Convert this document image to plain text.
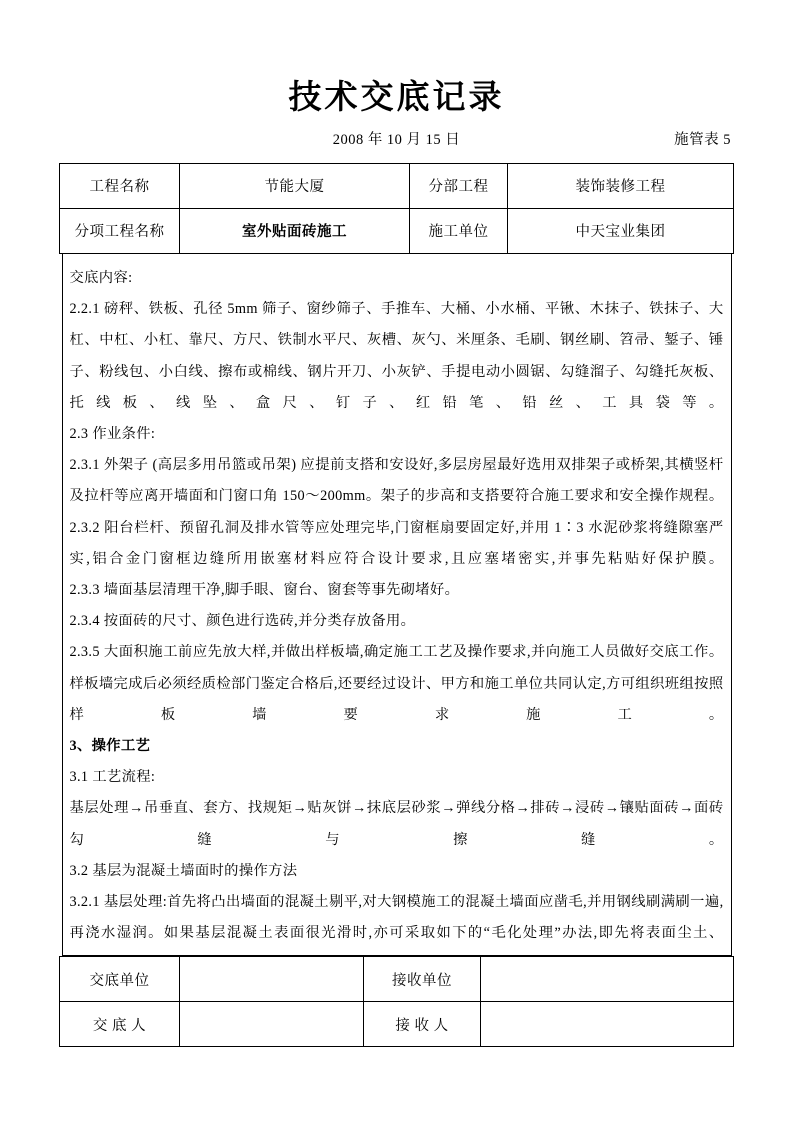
技术交底记录
2008 年 10 月 15 日	施管表 5
工程名称	节能大厦	分部工程	装饰装修工程
分项工程名称	室外贴面砖施工	施工单位	中天宝业集团

交底内容:

2.2.1 磅秤、铁板、孔径 5mm 筛子、窗纱筛子、手推车、大桶、小水桶、平锹、木抹子、铁抹子、大杠、中杠、小杠、靠尺、方尺、铁制水平尺、灰槽、灰勺、米厘条、毛刷、钢丝刷、笤帚、錾子、锤子、粉线包、小白线、擦布或棉线、钢片开刀、小灰铲、手提电动小圆锯、勾缝溜子、勾缝托灰板、托线板、线坠、盒尺、钉子、红铅笔、铅丝、工具袋等。

2.3 作业条件:

2.3.1 外架子 (高层多用吊篮或吊架) 应提前支搭和安设好,多层房屋最好选用双排架子或桥架,其横竖杆及拉杆等应离开墙面和门窗口角 150～200mm。架子的步高和支搭要符合施工要求和安全操作规程。

2.3.2 阳台栏杆、预留孔洞及排水管等应处理完毕,门窗框扇要固定好,并用 1∶3 水泥砂浆将缝隙塞严实,铝合金门窗框边缝所用嵌塞材料应符合设计要求,且应塞堵密实,并事先粘贴好保护膜。

2.3.3 墙面基层清理干净,脚手眼、窗台、窗套等事先砌堵好。

2.3.4 按面砖的尺寸、颜色进行选砖,并分类存放备用。

2.3.5 大面积施工前应先放大样,并做出样板墙,确定施工工艺及操作要求,并向施工人员做好交底工作。样板墙完成后必须经质检部门鉴定合格后,还要经过设计、甲方和施工单位共同认定,方可组织班组按照样板墙要求施工。

3、操作工艺

3.1 工艺流程:

基层处理→吊垂直、套方、找规矩→贴灰饼→抹底层砂浆→弹线分格→排砖→浸砖→镶贴面砖→面砖勾缝与擦缝。

3.2 基层为混凝土墙面时的操作方法

3.2.1 基层处理:首先将凸出墙面的混凝土剔平,对大钢模施工的混凝土墙面应凿毛,并用钢线刷满刷一遍,再浇水湿润。如果基层混凝土表面很光滑时,亦可采取如下的“毛化处理”办法,即先将表面尘土、

交底单位		接收单位	
交 底 人		接 收 人	
